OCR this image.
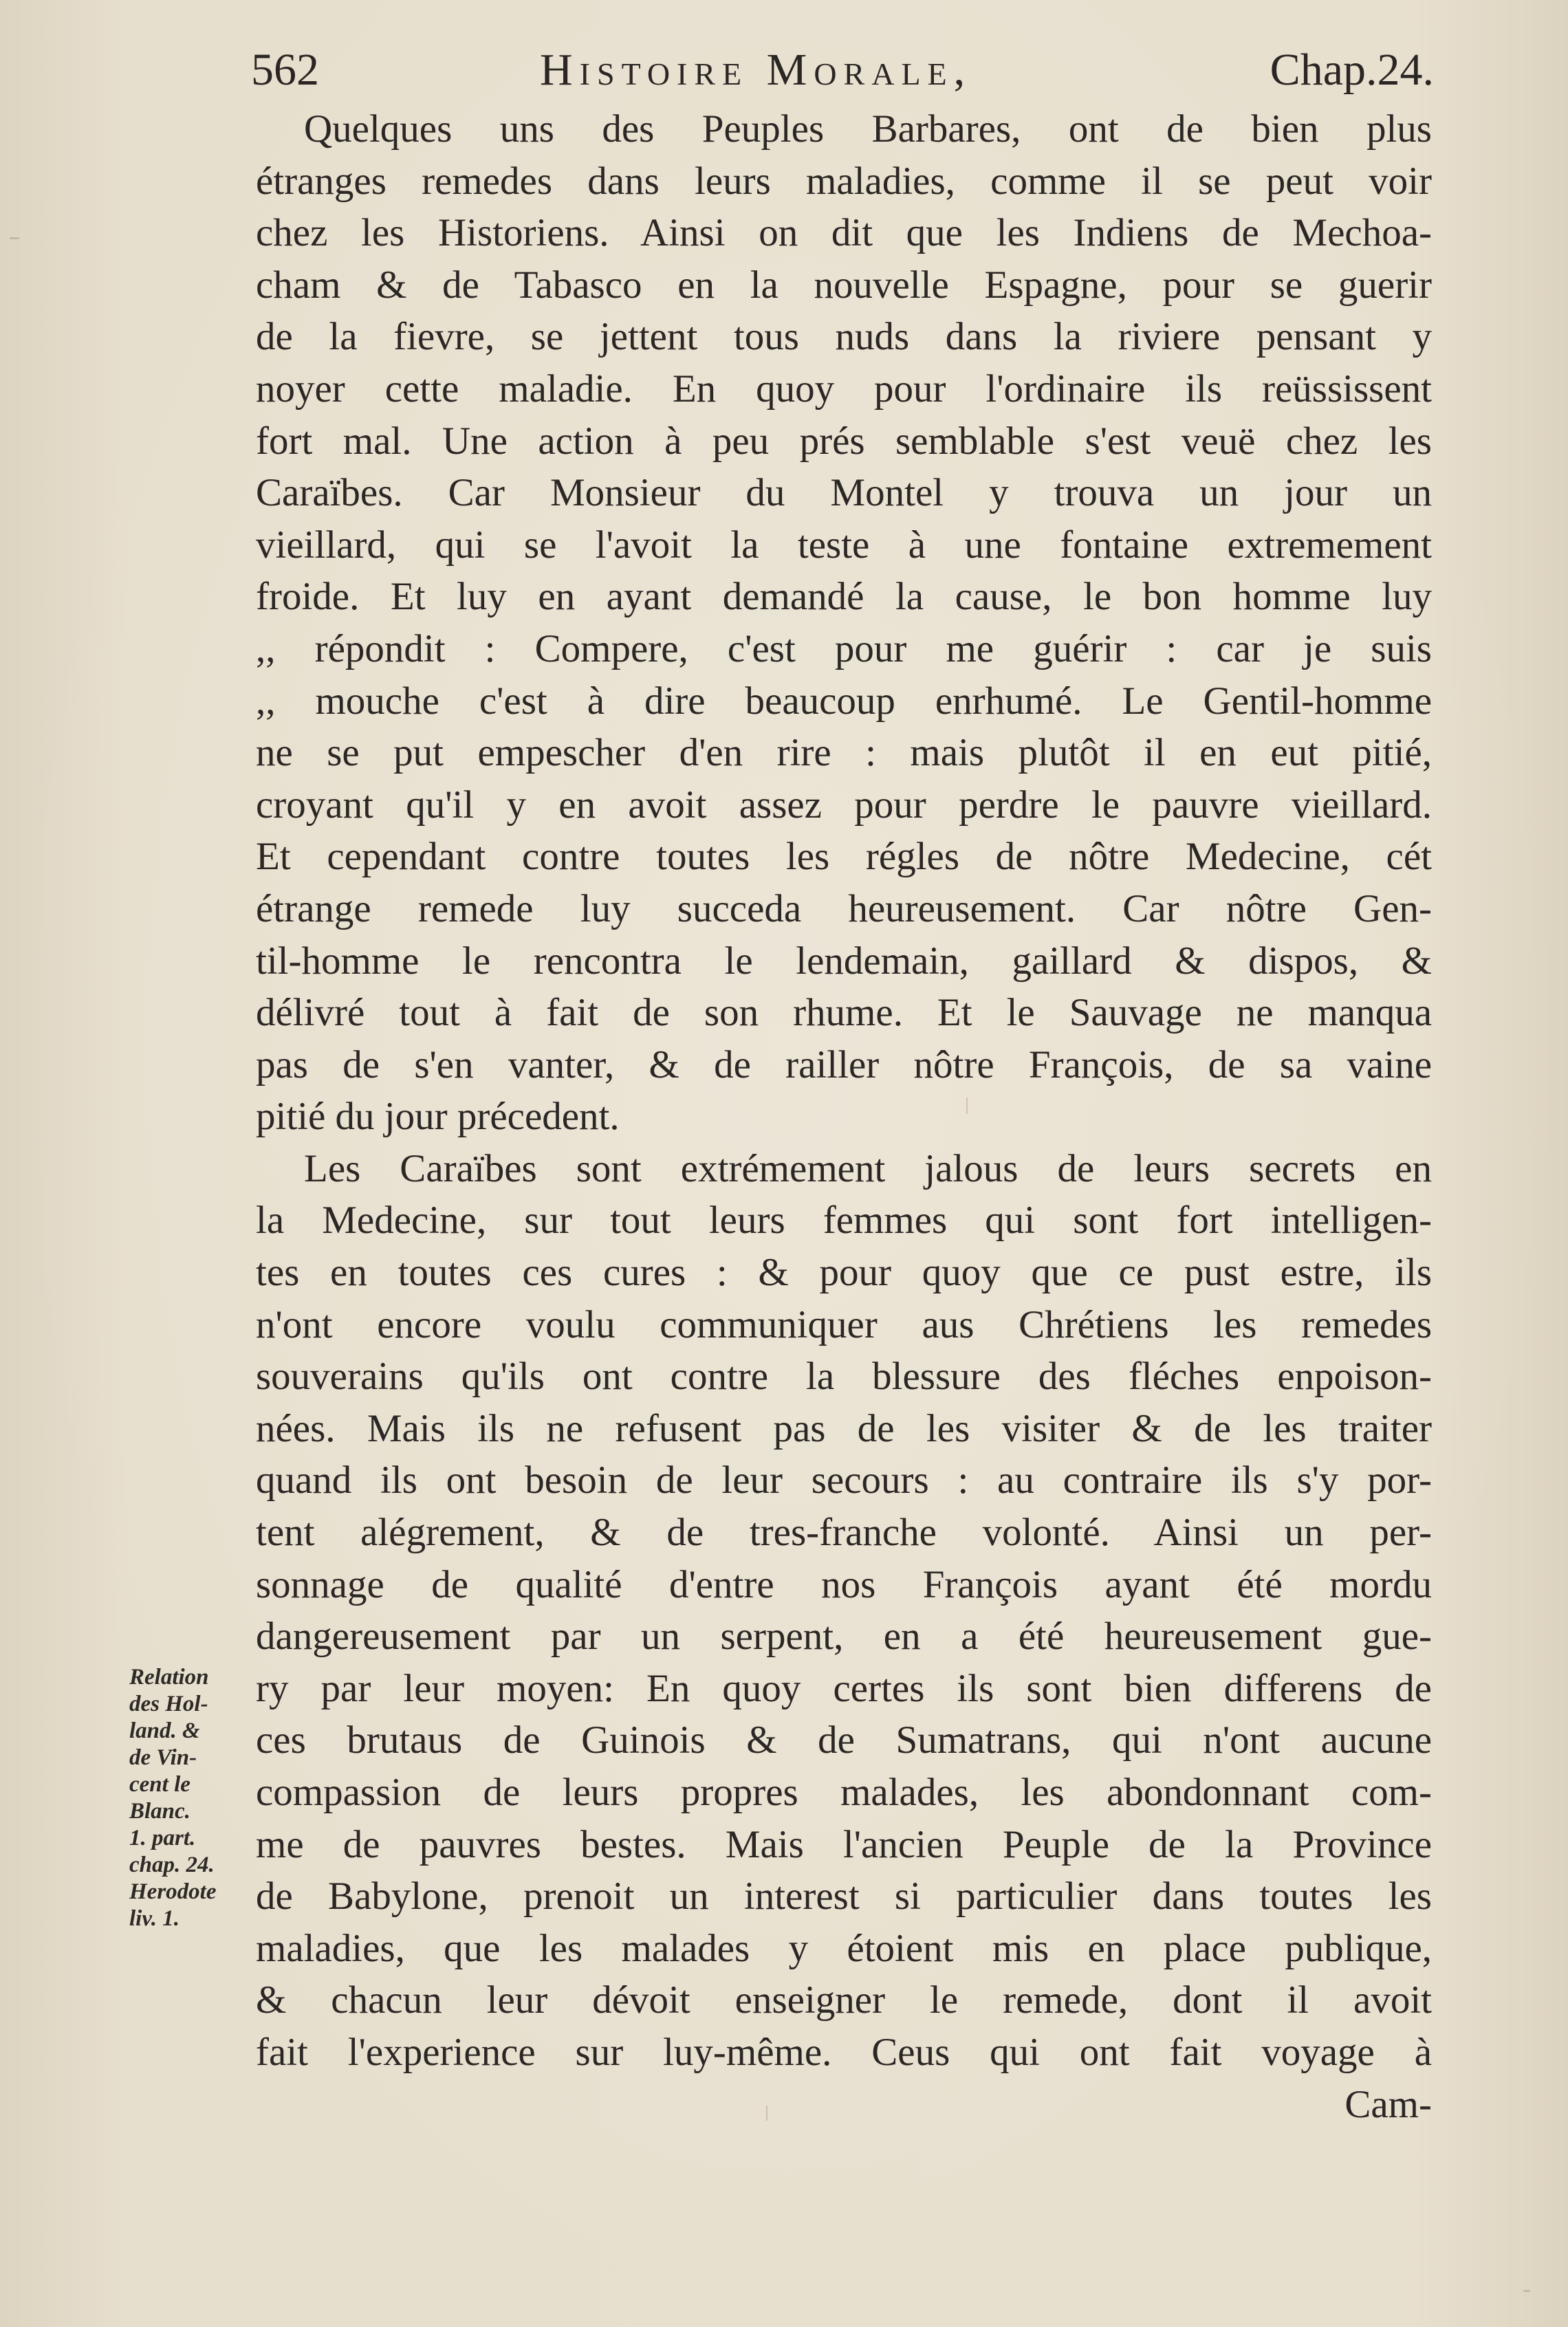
562	Histoire Morale,	Chap.24.
Quelques uns des Peuples Barbares, ont de bien plus
étranges remedes dans leurs maladies, comme il se peut voir
chez les Historiens. Ainsi on dit que les Indiens de Mechoa-
cham & de Tabasco en la nouvelle Espagne, pour se guerir
de la fievre, se jettent tous nuds dans la riviere pensant y
noyer cette maladie. En quoy pour l'ordinaire ils reüssissent
fort mal. Une action à peu prés semblable s'est veuë chez les
Caraïbes. Car Monsieur du Montel y trouva un jour un
vieillard, qui se l'avoit la teste à une fontaine extremement
froide. Et luy en ayant demandé la cause, le bon homme luy
,, répondit : Compere, c'est pour me guérir : car je suis
,, mouche c'est à dire beaucoup enrhumé. Le Gentil-homme
ne se put empescher d'en rire : mais plutôt il en eut pitié,
croyant qu'il y en avoit assez pour perdre le pauvre vieillard.
Et cependant contre toutes les régles de nôtre Medecine, cét
étrange remede luy succeda heureusement. Car nôtre Gen-
til-homme le rencontra le lendemain, gaillard & dispos, &
délivré tout à fait de son rhume. Et le Sauvage ne manqua
pas de s'en vanter, & de railler nôtre François, de sa vaine
pitié du jour précedent.
Les Caraïbes sont extrémement jalous de leurs secrets en
la Medecine, sur tout leurs femmes qui sont fort intelligen-
tes en toutes ces cures : & pour quoy que ce pust estre, ils
n'ont encore voulu communiquer aus Chrétiens les remedes
souverains qu'ils ont contre la blessure des fléches enpoison-
nées. Mais ils ne refusent pas de les visiter & de les traiter
quand ils ont besoin de leur secours : au contraire ils s'y por-
tent alégrement, & de tres-franche volonté. Ainsi un per-
sonnage de qualité d'entre nos François ayant été mordu
dangereusement par un serpent, en a été heureusement gue-
ry par leur moyen: En quoy certes ils sont bien differens de
ces brutaus de Guinois & de Sumatrans, qui n'ont aucune
compassion de leurs propres malades, les abondonnant com-
me de pauvres bestes. Mais l'ancien Peuple de la Province
de Babylone, prenoit un interest si particulier dans toutes les
maladies, que les malades y étoient mis en place publique,
& chacun leur dévoit enseigner le remede, dont il avoit
fait l'experience sur luy-même. Ceus qui ont fait voyage à
Cam-
Relation
des Hol-
land. &
de Vin-
cent le
Blanc.
1. part.
chap. 24.
Herodote
liv. 1.
